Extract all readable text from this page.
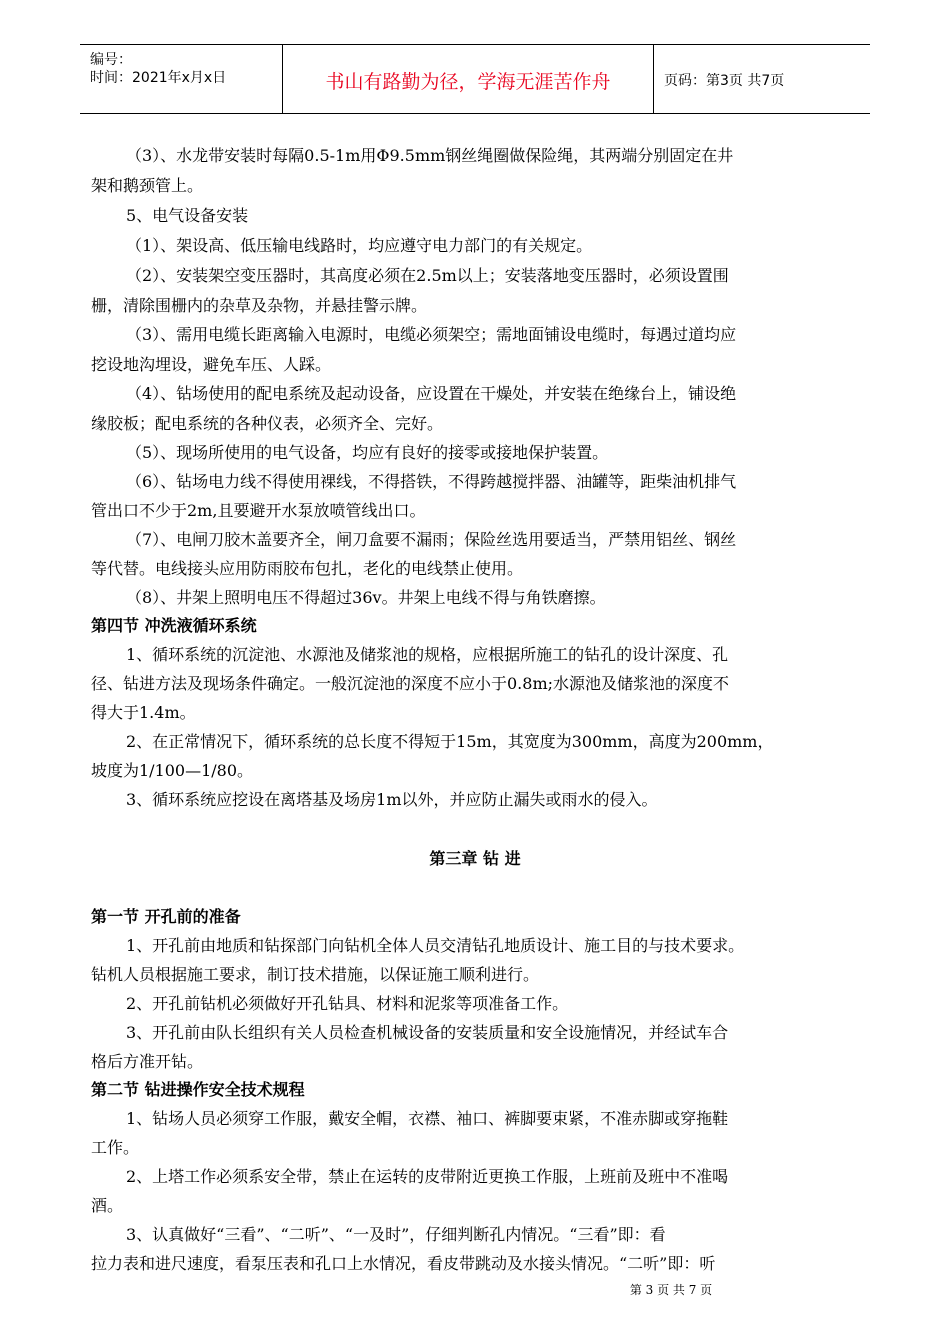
编号：
时间：2021年x月x日	书山有路勤为径，学海无涯苦作舟	页码：第3页 共7页
（3）、水龙带安装时每隔0.5-1m用Φ9.5mm钢丝绳圈做保险绳，其两端分别固定在井
架和鹅颈管上。
5、电气设备安装
（1）、架设高、低压输电线路时，均应遵守电力部门的有关规定。
（2）、安装架空变压器时，其高度必须在2.5m以上；安装落地变压器时，必须设置围
栅，清除围栅内的杂草及杂物，并悬挂警示牌。
（3）、需用电缆长距离输入电源时，电缆必须架空；需地面铺设电缆时，每遇过道均应
挖设地沟埋设，避免车压、人踩。
（4）、钻场使用的配电系统及起动设备，应设置在干燥处，并安装在绝缘台上，铺设绝
缘胶板；配电系统的各种仪表，必须齐全、完好。
（5）、现场所使用的电气设备，均应有良好的接零或接地保护装置。
（6）、钻场电力线不得使用裸线，不得搭铁，不得跨越搅拌器、油罐等，距柴油机排气
管出口不少于2m,且要避开水泵放喷管线出口。
（7）、电闸刀胶木盖要齐全，闸刀盒要不漏雨；保险丝选用要适当，严禁用铝丝、钢丝
等代替。电线接头应用防雨胶布包扎，老化的电线禁止使用。
（8）、井架上照明电压不得超过36v。井架上电线不得与角铁磨擦。
第四节 冲洗液循环系统
1、循环系统的沉淀池、水源池及储浆池的规格，应根据所施工的钻孔的设计深度、孔
径、钻进方法及现场条件确定。一般沉淀池的深度不应小于0.8m;水源池及储浆池的深度不
得大于1.4m。
2、在正常情况下，循环系统的总长度不得短于15m，其宽度为300mm，高度为200mm，
坡度为1/100—1/80。
3、循环系统应挖设在离塔基及场房1m以外，并应防止漏失或雨水的侵入。
第三章 钻 进
第一节 开孔前的准备
1、开孔前由地质和钻探部门向钻机全体人员交清钻孔地质设计、施工目的与技术要求。
钻机人员根据施工要求，制订技术措施，以保证施工顺利进行。
2、开孔前钻机必须做好开孔钻具、材料和泥浆等项准备工作。
3、开孔前由队长组织有关人员检查机械设备的安装质量和安全设施情况，并经试车合
格后方准开钻。
第二节 钻进操作安全技术规程
1、钻场人员必须穿工作服，戴安全帽，衣襟、袖口、裤脚要束紧，不准赤脚或穿拖鞋
工作。
2、上塔工作必须系安全带，禁止在运转的皮带附近更换工作服，上班前及班中不准喝
酒。
3、认真做好“三看”、“二听”、“一及时”，仔细判断孔内情况。“三看”即：看
拉力表和进尺速度，看泵压表和孔口上水情况，看皮带跳动及水接头情况。“二听”即：听
第 3 页 共 7 页
